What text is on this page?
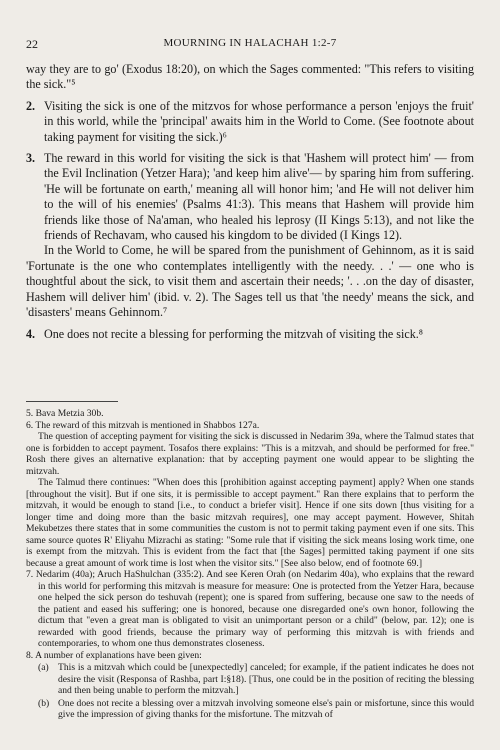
22	MOURNING IN HALACHAH 1:2-7

way they are to go' (Exodus 18:20), on which the Sages commented: "This refers to visiting the sick."⁵

2. Visiting the sick is one of the mitzvos for whose performance a person 'enjoys the fruit' in this world, while the 'principal' awaits him in the World to Come. (See footnote about taking payment for visiting the sick.)⁶
3. The reward in this world for visiting the sick is that 'Hashem will protect him' — from the Evil Inclination (Yetzer Hara); 'and keep him alive'— by sparing him from suffering. 'He will be fortunate on earth,' meaning all will honor him; 'and He will not deliver him to the will of his enemies' (Psalms 41:3). This means that Hashem will provide him friends like those of Na'aman, who healed his leprosy (II Kings 5:13), and not like the friends of Rechavam, who caused his kingdom to be divided (I Kings 12).

In the World to Come, he will be spared from the punishment of Gehinnom, as it is said 'Fortunate is the one who contemplates intelligently with the needy. . .' — one who is thoughtful about the sick, to visit them and ascertain their needs; '. . .on the day of disaster, Hashem will deliver him' (ibid. v. 2). The Sages tell us that 'the needy' means the sick, and 'disasters' means Gehinnom.⁷

4. One does not recite a blessing for performing the mitzvah of visiting the sick.⁸

5. Bava Metzia 30b.

6. The reward of this mitzvah is mentioned in Shabbos 127a.

The question of accepting payment for visiting the sick is discussed in Nedarim 39a, where the Talmud states that one is forbidden to accept payment. Tosafos there explains: "This is a mitzvah, and should be performed for free." Rosh there gives an alternative explanation: that by accepting payment one would appear to be slighting the mitzvah.

The Talmud there continues: "When does this [prohibition against accepting payment] apply? When one stands [throughout the visit]. But if one sits, it is permissible to accept payment." Ran there explains that to perform the mitzvah, it would be enough to stand [i.e., to conduct a briefer visit]. Hence if one sits down [thus visiting for a longer time and doing more than the basic mitzvah requires], one may accept payment. However, Shitah Mekubetzes there states that in some communities the custom is not to permit taking payment even if one sits. This same source quotes R' Eliyahu Mizrachi as stating: "Some rule that if visiting the sick means losing work time, one is exempt from the mitzvah. This is evident from the fact that [the Sages] permitted taking payment if one sits because a great amount of work time is lost when the visitor sits." [See also below, end of footnote 69.]

7. Nedarim (40a); Aruch HaShulchan (335:2). And see Keren Orah (on Nedarim 40a), who explains that the reward in this world for performing this mitzvah is measure for measure: One is protected from the Yetzer Hara, because one helped the sick person do teshuvah (repent); one is spared from suffering, because one saw to the needs of the patient and eased his suffering; one is honored, because one disregarded one's own honor, following the dictum that "even a great man is obligated to visit an unimportant person or a child" (below, par. 12); one is rewarded with good friends, because the primary way of performing this mitzvah is with friends and contemporaries, to whom one thus demonstrates closeness.

8. A number of explanations have been given:

(a) This is a mitzvah which could be [unexpectedly] canceled; for example, if the patient indicates he does not desire the visit (Responsa of Rashba, part I:§18). [Thus, one could be in the position of reciting the blessing and then being unable to perform the mitzvah.]
(b) One does not recite a blessing over a mitzvah involving someone else's pain or misfortune, since this would give the impression of giving thanks for the misfortune. The mitzvah of
